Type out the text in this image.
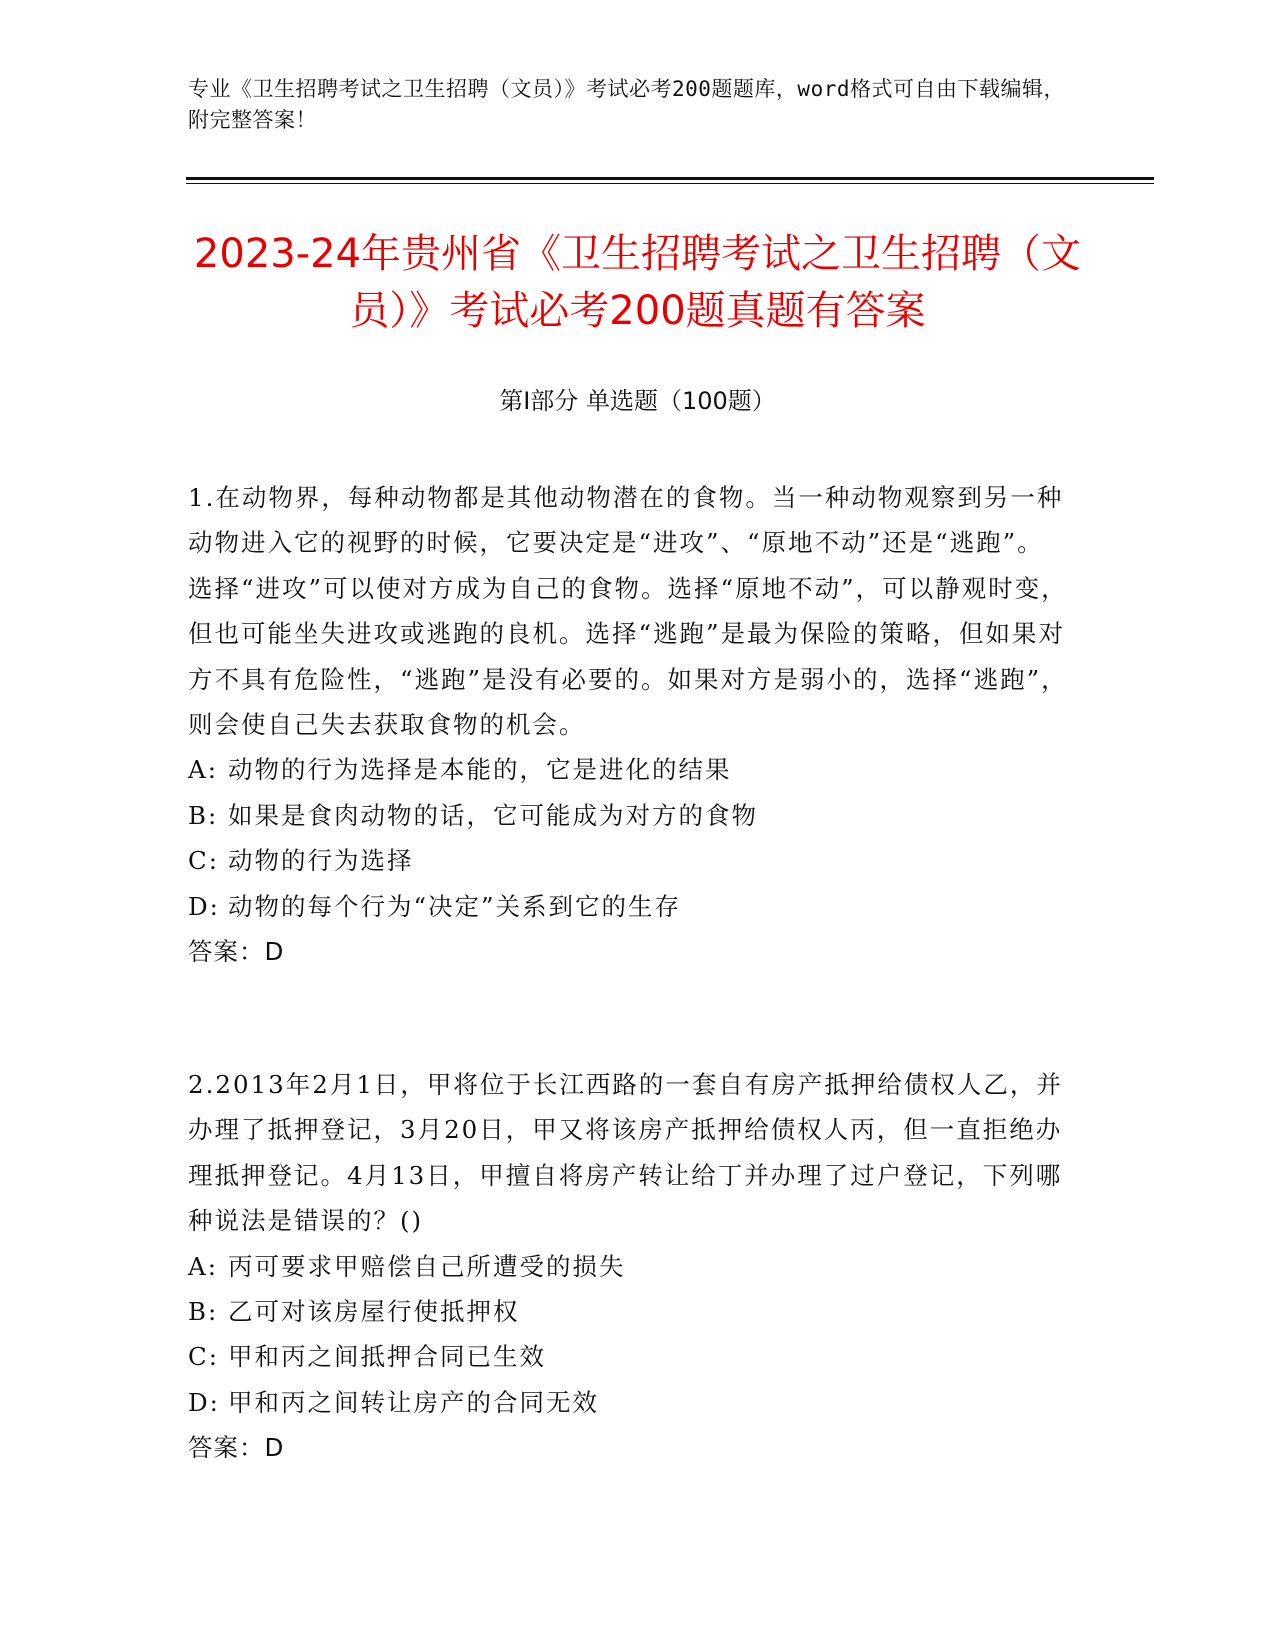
专业《卫生招聘考试之卫生招聘（文员）》考试必考200题题库，word格式可自由下载编辑，附完整答案！

2023-24年贵州省《卫生招聘考试之卫生招聘（文员）》考试必考200题真题有答案
第Ⅰ部分 单选题（100题）

1.在动物界，每种动物都是其他动物潜在的食物。当一种动物观察到另一种动物进入它的视野的时候，它要决定是“进攻”、“原地不动”还是“逃跑”。选择“进攻”可以使对方成为自己的食物。选择“原地不动”，可以静观时变，但也可能坐失进攻或逃跑的良机。选择“逃跑”是最为保险的策略，但如果对方不具有危险性，“逃跑”是没有必要的。如果对方是弱小的，选择“逃跑”，则会使自己失去获取食物的机会。

A: 动物的行为选择是本能的，它是进化的结果

B: 如果是食肉动物的话，它可能成为对方的食物

C: 动物的行为选择

D: 动物的每个行为“决定”关系到它的生存

答案：D

2.2013年2月1日，甲将位于长江西路的一套自有房产抵押给债权人乙，并办理了抵押登记，3月20日，甲又将该房产抵押给债权人丙，但一直拒绝办理抵押登记。4月13日，甲擅自将房产转让给丁并办理了过户登记，下列哪种说法是错误的？()

A: 丙可要求甲赔偿自己所遭受的损失

B: 乙可对该房屋行使抵押权

C: 甲和丙之间抵押合同已生效

D: 甲和丙之间转让房产的合同无效

答案：D
